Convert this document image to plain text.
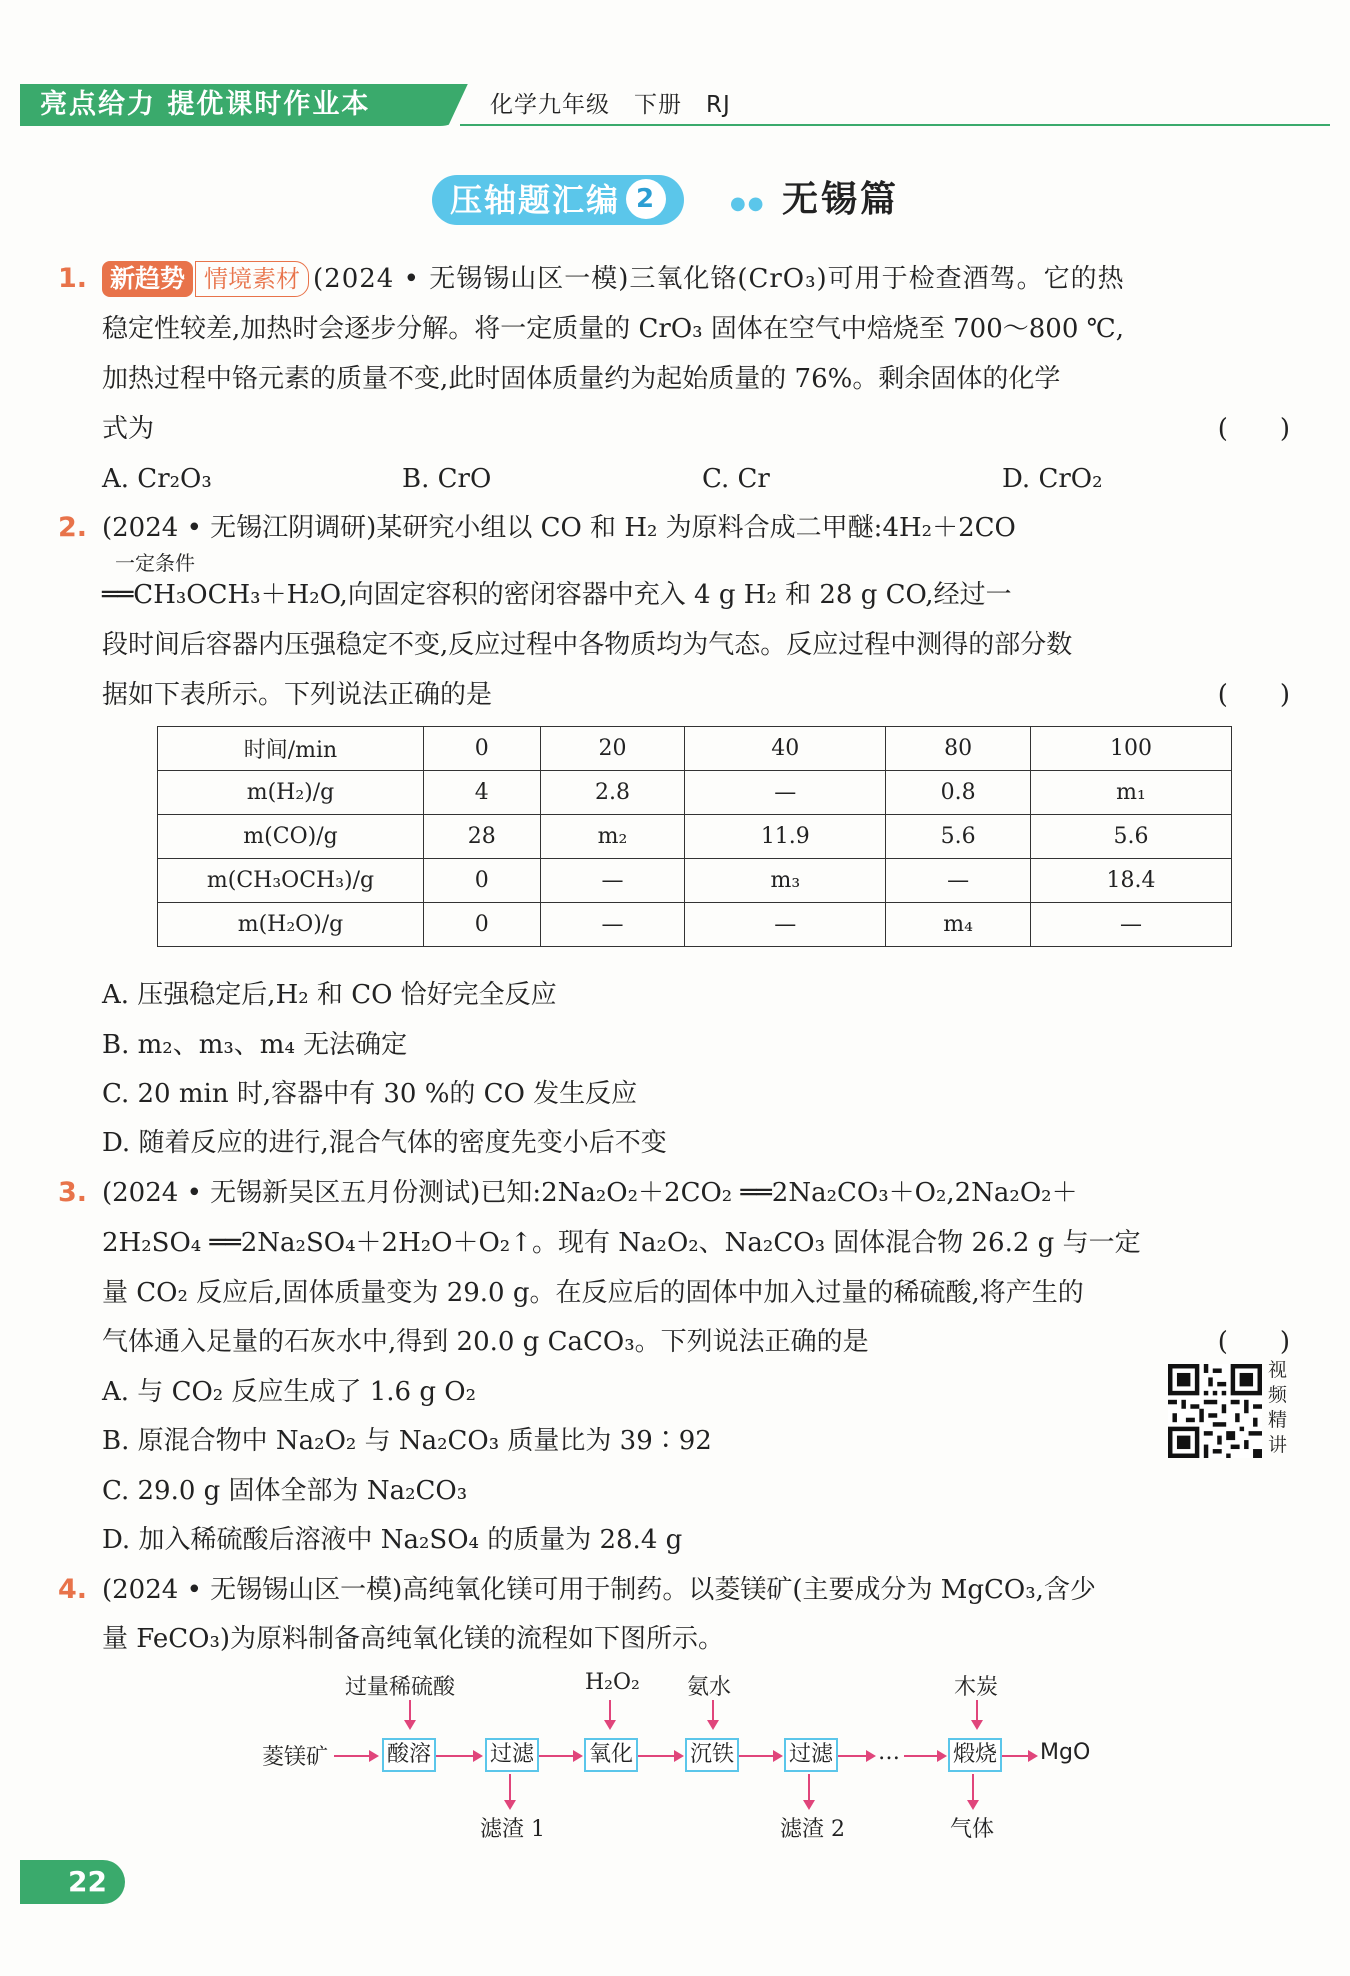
亮点给力 提优课时作业本	化学九年级　下册　RJ
压轴题汇编 2	●● 无锡篇
1. 新趋势 情境素材 (2024 • 无锡锡山区一模)三氧化铬(CrO₃)可用于检查酒驾。它的热
稳定性较差,加热时会逐步分解。将一定质量的 CrO₃ 固体在空气中焙烧至 700～800 ℃,
加热过程中铬元素的质量不变,此时固体质量约为起始质量的 76%。剩余固体的化学
式为	(　　)
A. Cr₂O₃	B. CrO	C. Cr	D. CrO₂
2. (2024 • 无锡江阴调研)某研究小组以 CO 和 H₂ 为原料合成二甲醚:4H₂＋2CO
一定条件
══CH₃OCH₃＋H₂O,向固定容积的密闭容器中充入 4 g H₂ 和 28 g CO,经过一
段时间后容器内压强稳定不变,反应过程中各物质均为气态。反应过程中测得的部分数
据如下表所示。下列说法正确的是	(　　)
时间/min	0	20	40	80	100
m(H₂)/g	4	2.8	—	0.8	m₁
m(CO)/g	28	m₂	11.9	5.6	5.6
m(CH₃OCH₃)/g	0	—	m₃	—	18.4
m(H₂O)/g	0	—	—	m₄	—
A. 压强稳定后,H₂ 和 CO 恰好完全反应
B. m₂、m₃、m₄ 无法确定
C. 20 min 时,容器中有 30 %的 CO 发生反应
D. 随着反应的进行,混合气体的密度先变小后不变
3. (2024 • 无锡新吴区五月份测试)已知:2Na₂O₂＋2CO₂ ══2Na₂CO₃＋O₂,2Na₂O₂＋
2H₂SO₄ ══2Na₂SO₄＋2H₂O＋O₂↑。现有 Na₂O₂、Na₂CO₃ 固体混合物 26.2 g 与一定
量 CO₂ 反应后,固体质量变为 29.0 g。在反应后的固体中加入过量的稀硫酸,将产生的
气体通入足量的石灰水中,得到 20.0 g CaCO₃。下列说法正确的是	(　　)
A. 与 CO₂ 反应生成了 1.6 g O₂
B. 原混合物中 Na₂O₂ 与 Na₂CO₃ 质量比为 39∶92
C. 29.0 g 固体全部为 Na₂CO₃
D. 加入稀硫酸后溶液中 Na₂SO₄ 的质量为 28.4 g
视频精讲
4. (2024 • 无锡锡山区一模)高纯氧化镁可用于制药。以菱镁矿(主要成分为 MgCO₃,含少
量 FeCO₃)为原料制备高纯氧化镁的流程如下图所示。
过量稀硫酸	H₂O₂ 氨水	木炭
菱镁矿	酸溶	过滤 氧化	沉铁 过滤 … 煅烧 MgO
滤渣 1	滤渣 2	气体
22
